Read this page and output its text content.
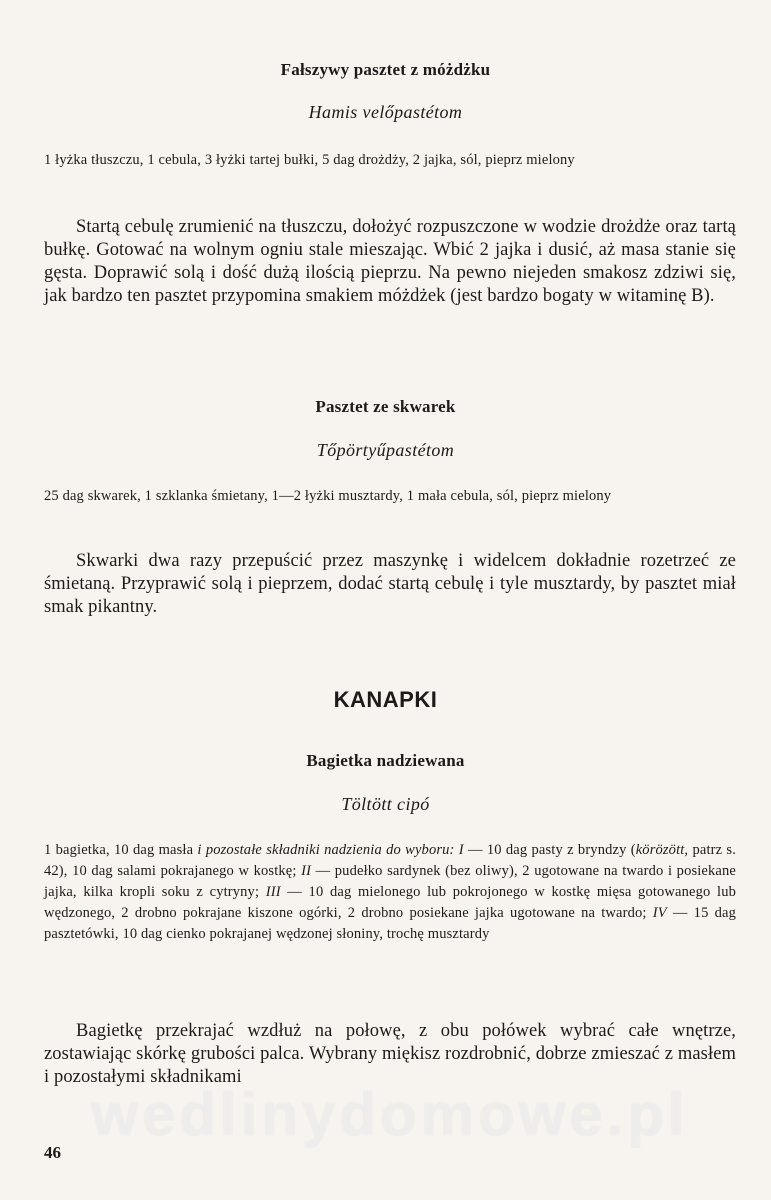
Fałszywy pasztet z móżdżku
Hamis velőpastétom
1 łyżka tłuszczu, 1 cebula, 3 łyżki tartej bułki, 5 dag drożdży, 2 jajka, sól, pieprz mielony
Startą cebulę zrumienić na tłuszczu, dołożyć rozpuszczone w wodzie drożdże oraz tartą bułkę. Gotować na wolnym ogniu stale mieszając. Wbić 2 jajka i dusić, aż masa stanie się gęsta. Doprawić solą i dość dużą ilością pieprzu. Na pewno niejeden smakosz zdziwi się, jak bardzo ten pasztet przypomina smakiem móżdżek (jest bardzo bogaty w witaminę B).
Pasztet ze skwarek
Tőpörtyűpastétom
25 dag skwarek, 1 szklanka śmietany, 1—2 łyżki musztardy, 1 mała cebula, sól, pieprz mielony
Skwarki dwa razy przepuścić przez maszynkę i widelcem dokładnie rozetrzeć ze śmietaną. Przyprawić solą i pieprzem, dodać startą cebulę i tyle musztardy, by pasztet miał smak pikantny.
KANAPKI
Bagietka nadziewana
Töltött cipó
1 bagietka, 10 dag masła i pozostałe składniki nadzienia do wyboru: I — 10 dag pasty z bryndzy (körözött, patrz s. 42), 10 dag salami pokrajanego w kostkę; II — pudełko sardynek (bez oliwy), 2 ugotowane na twardo i posiekane jajka, kilka kropli soku z cytryny; III — 10 dag mielonego lub pokrojonego w kostkę mięsa gotowanego lub wędzonego, 2 drobno pokrajane kiszone ogórki, 2 drobno posiekane jajka ugotowane na twardo; IV — 15 dag pasztetówki, 10 dag cienko pokrajanej wędzonej słoniny, trochę musztardy
Bagietkę przekrajać wzdłuż na połowę, z obu połówek wybrać całe wnętrze, zostawiając skórkę grubości palca. Wybrany miękisz rozdrobnić, dobrze zmieszać z masłem i pozostałymi składnikami
46
wedlinydomowe.pl
